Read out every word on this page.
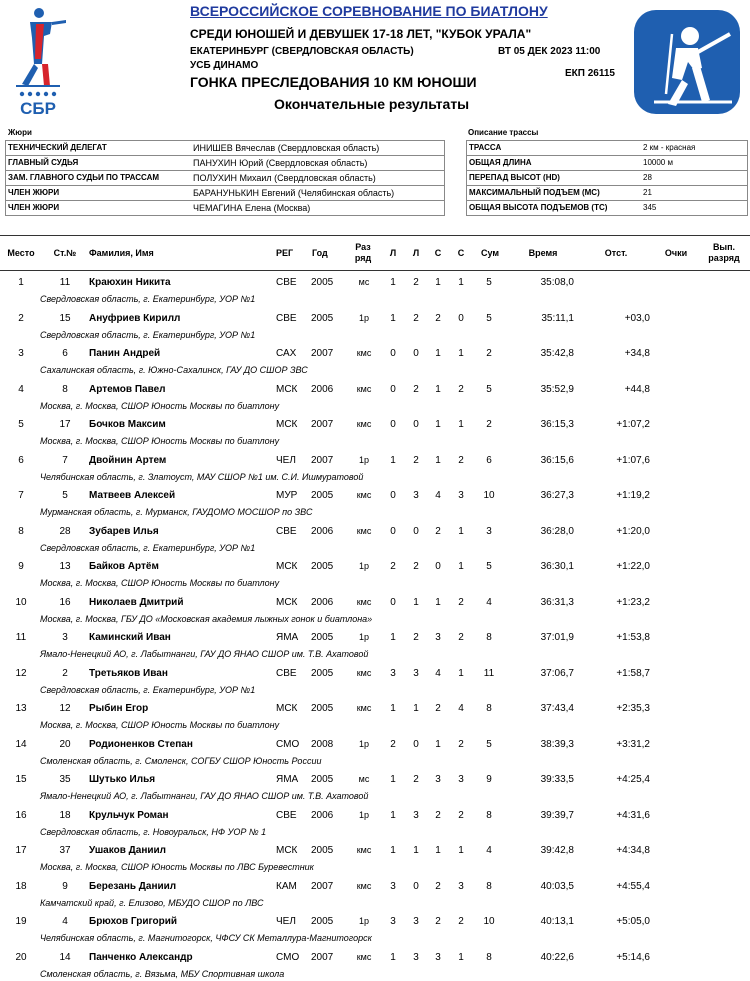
СБР
ВСЕРОССИЙСКОЕ СОРЕВНОВАНИЕ ПО БИАТЛОНУ
СРЕДИ ЮНОШЕЙ И ДЕВУШЕК 17-18 ЛЕТ, "КУБОК УРАЛА"
ЕКАТЕРИНБУРГ (СВЕРДЛОВСКАЯ ОБЛАСТЬ)
УСБ ДИНАМО
ВТ 05 ДЕК 2023 11:00
ЕКП 26115
ГОНКА ПРЕСЛЕДОВАНИЯ 10 КМ ЮНОШИ
Окончательные результаты
Жюри	Описание трассы
ТЕХНИЧЕСКИЙ ДЕЛЕГАТ	ИНИШЕВ Вячеслав (Свердловская область)
ГЛАВНЫЙ СУДЬЯ	ПАНУХИН Юрий (Свердловская область)
ЗАМ. ГЛАВНОГО СУДЬИ ПО ТРАССАМ	ПОЛУХИН Михаил (Свердловская область)
ЧЛЕН ЖЮРИ	БАРАНУНЬКИН Евгений (Челябинская область)
ЧЛЕН ЖЮРИ	ЧЕМАГИНА Елена (Москва)
ТРАССА	2 км - красная
ОБЩАЯ ДЛИНА	10000 м
ПЕРЕПАД ВЫСОТ (HD)	28
МАКСИМАЛЬНЫЙ ПОДЪЕМ (MC)	21
ОБЩАЯ ВЫСОТА ПОДЪЕМОВ (TC)	345
Место	Ст.№	Фамилия, Имя	РЕГ Год
Раз
ряд
Л	Л	С	С	Сум	Время	Отст.	Очки
Вып.
разряд
1	11	Краюхин Никита	СВЕ 2005	мс	1	2	1	1	5	35:08,0
Свердловская область, г. Екатеринбург, УОР №1
2	15	Ануфриев Кирилл	СВЕ 2005	1р	1	2	2	0	5	35:11,1	+03,0
Свердловская область, г. Екатеринбург, УОР №1
3	6	Панин Андрей	САХ 2007	кмс	0	0	1	1	2	35:42,8	+34,8
Сахалинская область, г. Южно-Сахалинск, ГАУ ДО СШОР ЗВС
4	8	Артемов Павел	МСК 2006	кмс	0	2	1	2	5	35:52,9	+44,8
Москва, г. Москва, СШОР Юность Москвы по биатлону
5	17	Бочков Максим	МСК 2007	кмс	0	0	1	1	2	36:15,3	+1:07,2
Москва, г. Москва, СШОР Юность Москвы по биатлону
6	7	Двойнин Артем	ЧЕЛ 2007	1р	1	2	1	2	6	36:15,6	+1:07,6
Челябинская область, г. Златоуст, МАУ СШОР №1 им. С.И. Ишмуратовой
7	5	Матвеев Алексей	МУР 2005	кмс	0	3	4	3	10	36:27,3	+1:19,2
Мурманская область, г. Мурманск, ГАУДОМО МОСШОР по ЗВС
8	28	Зубарев Илья	СВЕ 2006	кмс	0	0	2	1	3	36:28,0	+1:20,0
Свердловская область, г. Екатеринбург, УОР №1
9	13	Байков Артём	МСК 2005	1р	2	2	0	1	5	36:30,1	+1:22,0
Москва, г. Москва, СШОР Юность Москвы по биатлону
10	16	Николаев Дмитрий	МСК 2006	кмс	0	1	1	2	4	36:31,3	+1:23,2
Москва, г. Москва, ГБУ ДО «Московская академия лыжных гонок и биатлона»
11	3	Каминский Иван	ЯМА 2005	1р	1	2	3	2	8	37:01,9	+1:53,8
Ямало-Ненецкий АО, г. Лабытнанги, ГАУ ДО ЯНАО СШОР им. Т.В. Ахатовой
12	2	Третьяков Иван	СВЕ 2005	кмс	3	3	4	1	11	37:06,7	+1:58,7
Свердловская область, г. Екатеринбург, УОР №1
13	12	Рыбин Егор	МСК 2005	кмс	1	1	2	4	8	37:43,4	+2:35,3
Москва, г. Москва, СШОР Юность Москвы по биатлону
14	20	Родионенков Степан	СМО 2008	1р	2	0	1	2	5	38:39,3	+3:31,2
Смоленская область, г. Смоленск, СОГБУ СШОР Юность России
15	35	Шутько Илья	ЯМА 2005	мс	1	2	3	3	9	39:33,5	+4:25,4
Ямало-Ненецкий АО, г. Лабытнанги, ГАУ ДО ЯНАО СШОР им. Т.В. Ахатовой
16	18	Крульчук Роман	СВЕ 2006	1р	1	3	2	2	8	39:39,7	+4:31,6
Свердловская область, г. Новоуральск, НФ УОР № 1
17	37	Ушаков Даниил	МСК 2005	кмс	1	1	1	1	4	39:42,8	+4:34,8
Москва, г. Москва, СШОР Юность Москвы по ЛВС Буревестник
18	9	Березань Даниил	КАМ 2007	кмс	3	0	2	3	8	40:03,5	+4:55,4
Камчатский край, г. Елизово, МБУДО СШОР по ЛВС
19	4	Брюхов Григорий	ЧЕЛ 2005	1р	3	3	2	2	10	40:13,1	+5:05,0
Челябинская область, г. Магнитогорск, ЧФСУ СК Металлура-Магнитогорск
20	14	Панченко Александр	СМО 2007	кмс	1	3	3	1	8	40:22,6	+5:14,6
Смоленская область, г. Вязьма, МБУ Спортивная школа
